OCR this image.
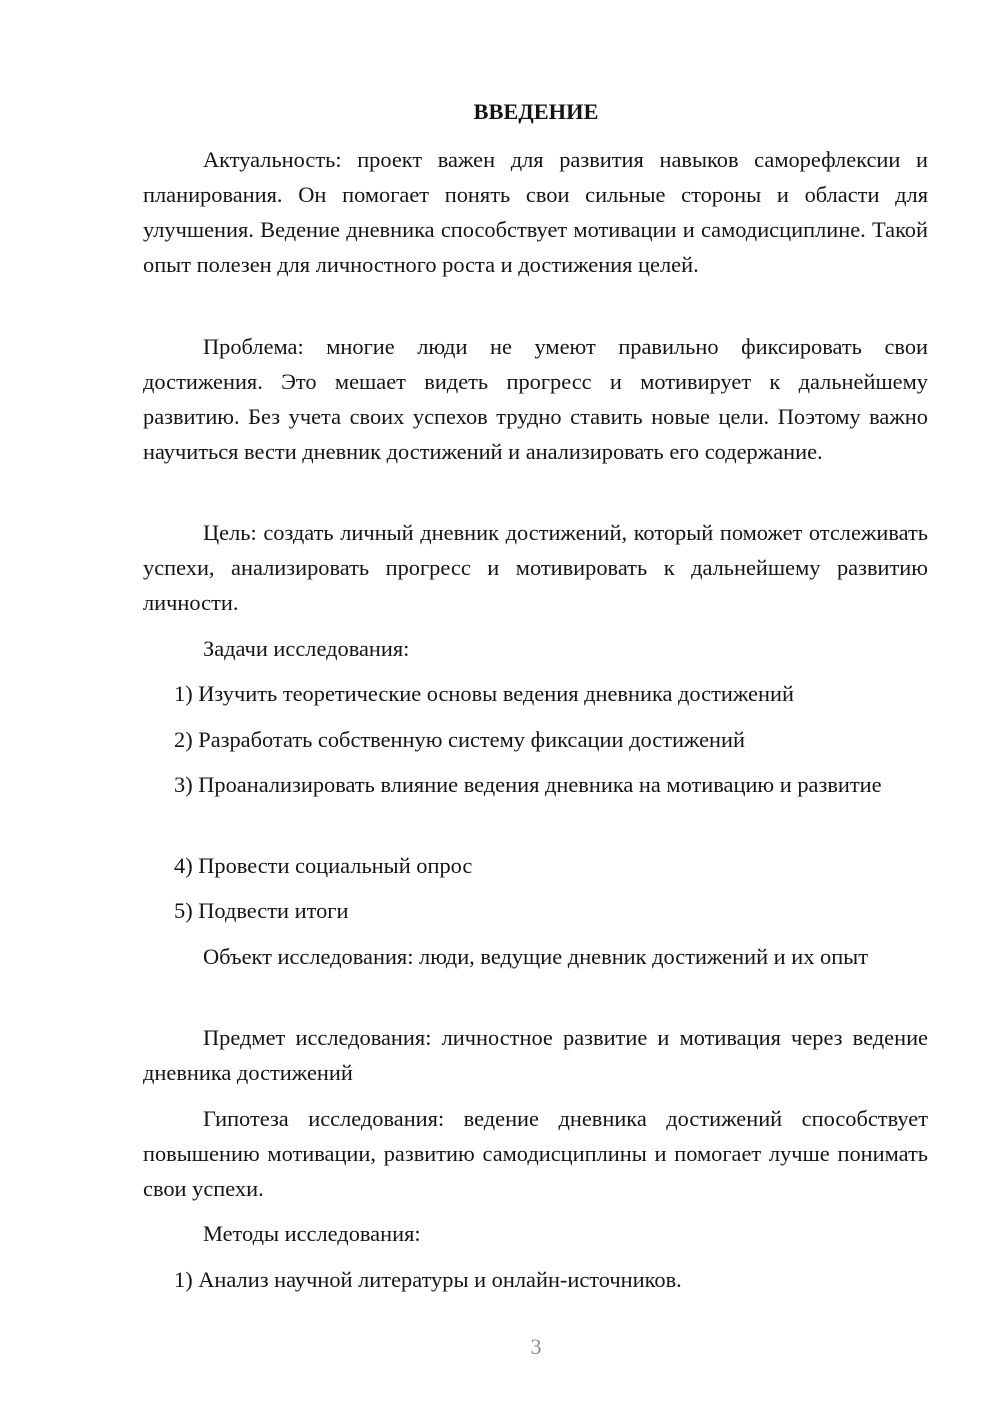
ВВЕДЕНИЕ

Актуальность: проект важен для развития навыков саморефлексии и планирования. Он помогает понять свои сильные стороны и области для улучшения. Ведение дневника способствует мотивации и самодисциплине. Такой опыт полезен для личностного роста и достижения целей.

Проблема: многие люди не умеют правильно фиксировать свои достижения. Это мешает видеть прогресс и мотивирует к дальнейшему развитию. Без учета своих успехов трудно ставить новые цели. Поэтому важно научиться вести дневник достижений и анализировать его содержание.

Цель: создать личный дневник достижений, который поможет отслеживать успехи, анализировать прогресс и мотивировать к дальнейшему развитию личности.

Задачи исследования:

1) Изучить теоретические основы ведения дневника достижений

2) Разработать собственную систему фиксации достижений

3) Проанализировать влияние ведения дневника на мотивацию и развитие

4) Провести социальный опрос

5) Подвести итоги

Объект исследования: люди, ведущие дневник достижений и их опыт

Предмет исследования: личностное развитие и мотивация через ведение дневника достижений

Гипотеза исследования: ведение дневника достижений способствует повышению мотивации, развитию самодисциплины и помогает лучше понимать свои успехи.

Методы исследования:

1) Анализ научной литературы и онлайн-источников.

3
